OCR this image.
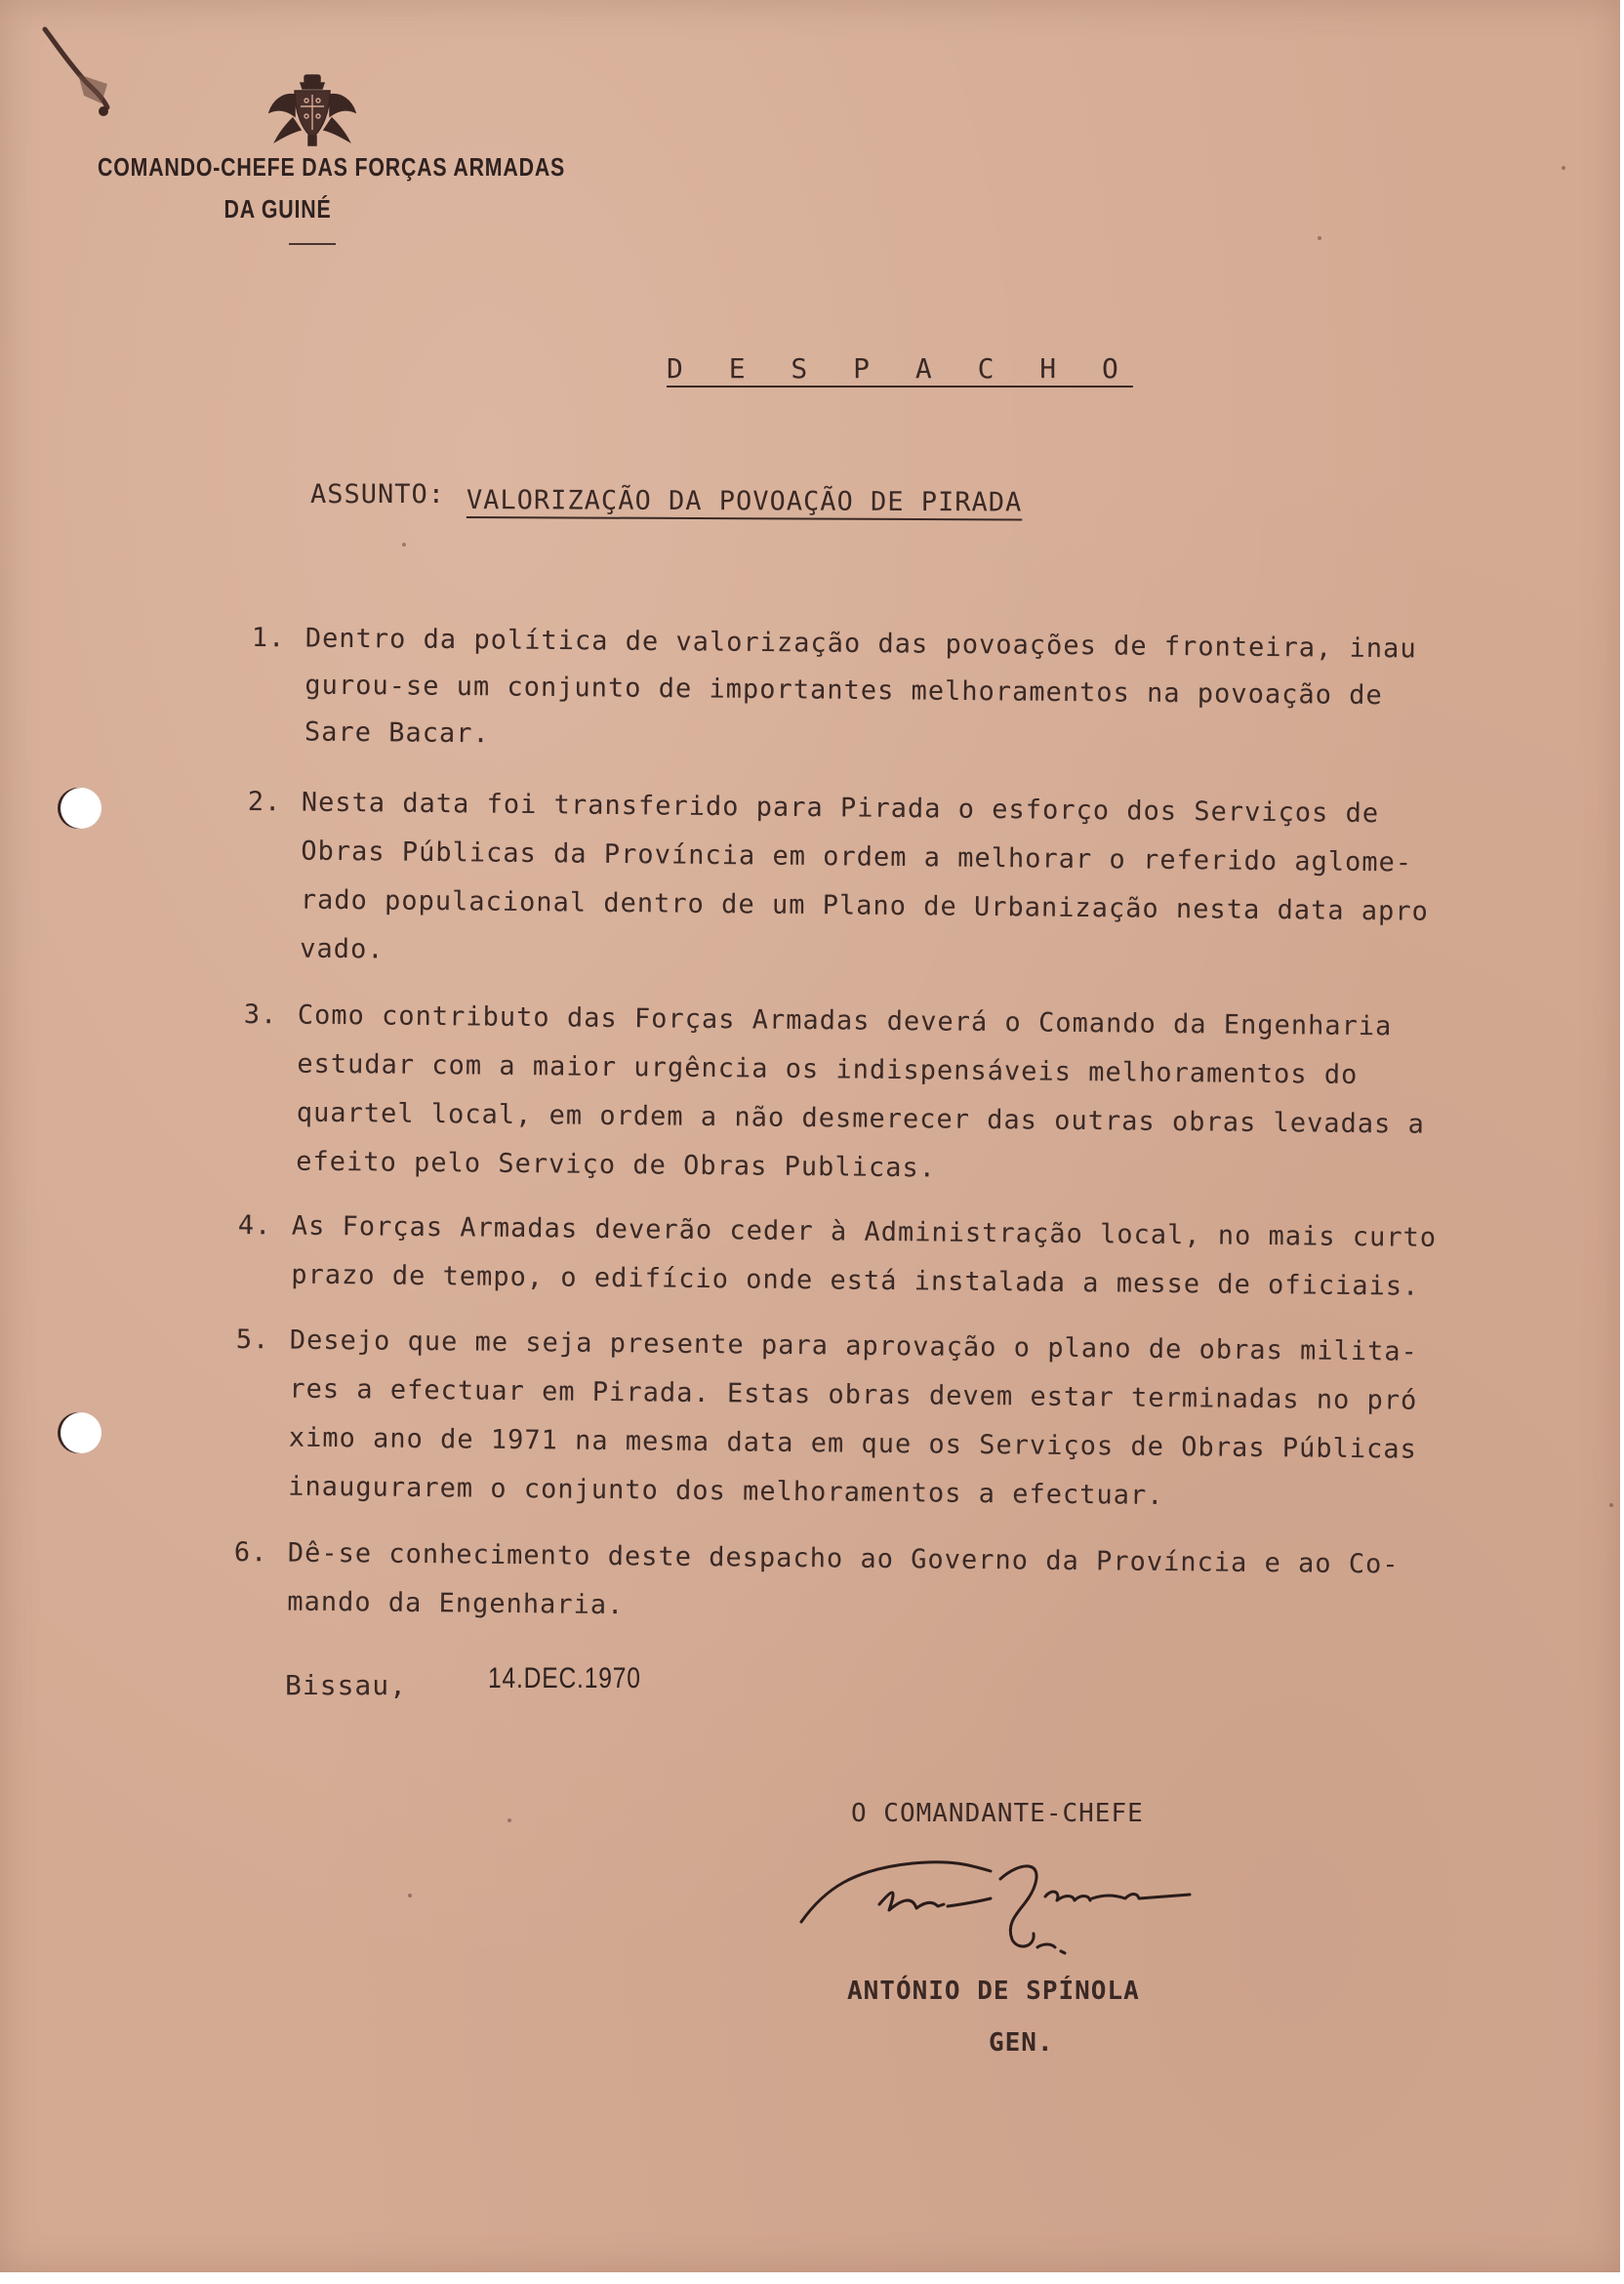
COMANDO-CHEFE DAS FORÇAS ARMADAS
DA GUINÉ
D E S P A C H O
ASSUNTO: VALORIZAÇÃO DA POVOAÇÃO DE PIRADA
1. Dentro da política de valorização das povoações de fronteira, inau
gurou-se um conjunto de importantes melhoramentos na povoação de
Sare Bacar.
2. Nesta data foi transferido para Pirada o esforço dos Serviços de
Obras Públicas da Província em ordem a melhorar o referido aglome-
rado populacional dentro de um Plano de Urbanização nesta data apro
vado.
3. Como contributo das Forças Armadas deverá o Comando da Engenharia
estudar com a maior urgência os indispensáveis melhoramentos do
quartel local, em ordem a não desmerecer das outras obras levadas a
efeito pelo Serviço de Obras Publicas.
4. As Forças Armadas deverão ceder à Administração local, no mais curto
prazo de tempo, o edifício onde está instalada a messe de oficiais.
5. Desejo que me seja presente para aprovação o plano de obras milita-
res a efectuar em Pirada. Estas obras devem estar terminadas no pró
ximo ano de 1971 na mesma data em que os Serviços de Obras Públicas
inaugurarem o conjunto dos melhoramentos a efectuar.
6. Dê-se conhecimento deste despacho ao Governo da Província e ao Co-
mando da Engenharia.
Bissau,	14.DEC.1970
O COMANDANTE-CHEFE
ANTÓNIO DE SPÍNOLA
GEN.
